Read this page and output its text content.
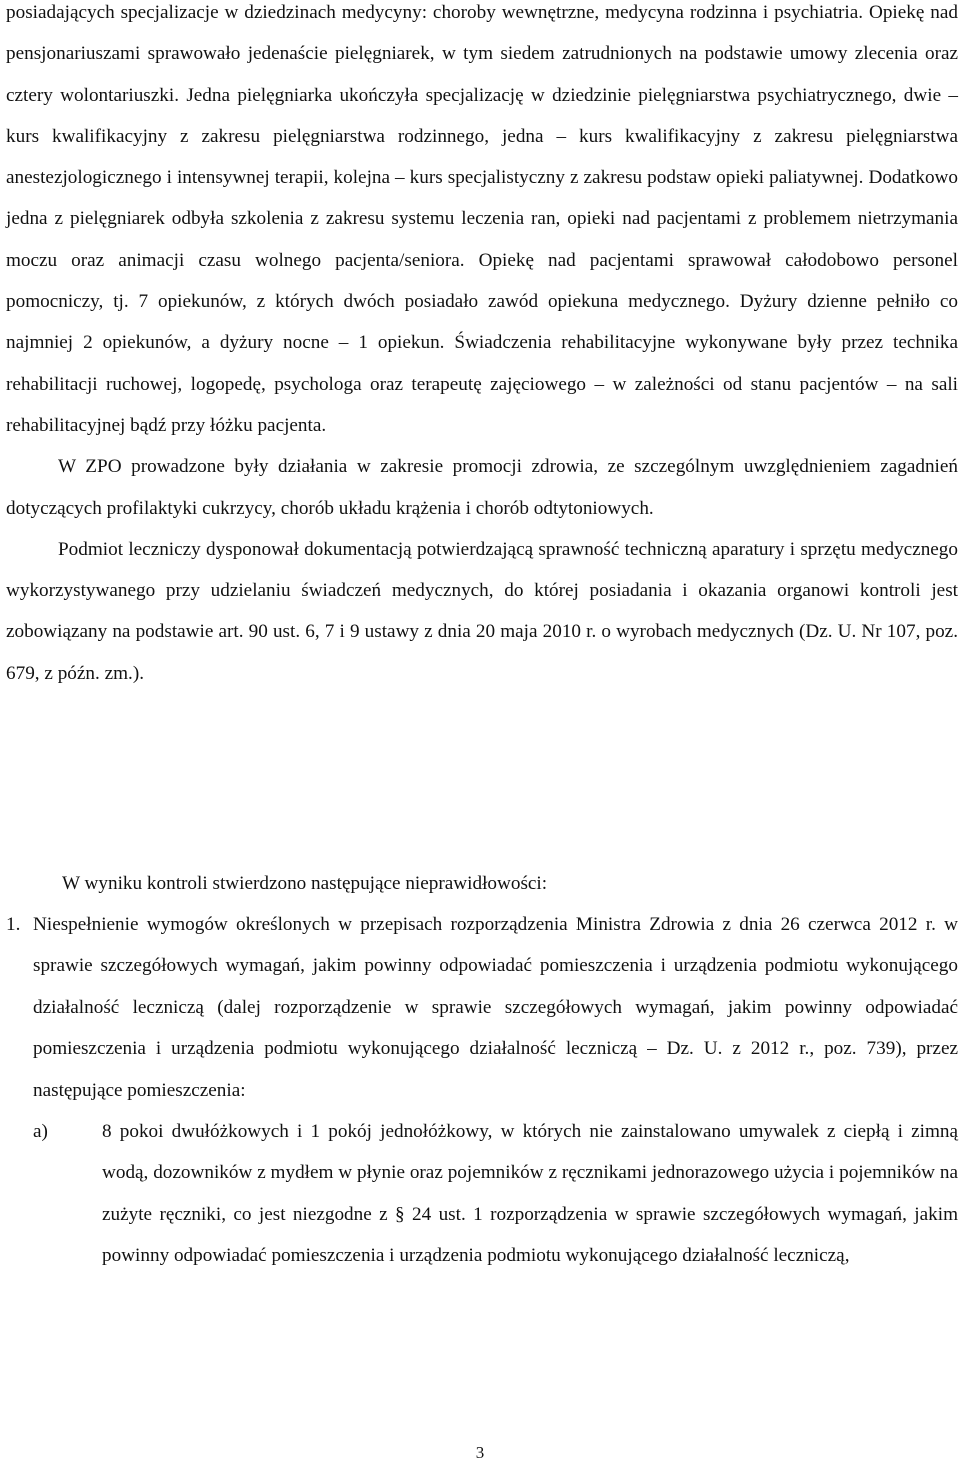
posiadających specjalizacje w dziedzinach medycyny: choroby wewnętrzne, medycyna rodzinna i psychiatria. Opiekę nad pensjonariuszami sprawowało jedenaście pielęgniarek, w tym siedem zatrudnionych na podstawie umowy zlecenia oraz cztery wolontariuszki. Jedna pielęgniarka ukończyła specjalizację w dziedzinie pielęgniarstwa psychiatrycznego, dwie – kurs kwalifikacyjny z zakresu pielęgniarstwa rodzinnego, jedna – kurs kwalifikacyjny z zakresu pielęgniarstwa anestezjologicznego i intensywnej terapii, kolejna – kurs specjalistyczny z zakresu podstaw opieki paliatywnej. Dodatkowo jedna z pielęgniarek odbyła szkolenia z zakresu systemu leczenia ran, opieki nad pacjentami z problemem nietrzymania moczu oraz animacji czasu wolnego pacjenta/seniora. Opiekę nad pacjentami sprawował całodobowo personel pomocniczy, tj. 7 opiekunów, z których dwóch posiadało zawód opiekuna medycznego. Dyżury dzienne pełniło co najmniej 2 opiekunów, a dyżury nocne – 1 opiekun. Świadczenia rehabilitacyjne wykonywane były przez technika rehabilitacji ruchowej, logopedę, psychologa oraz terapeutę zajęciowego – w zależności od stanu pacjentów – na sali rehabilitacyjnej bądź przy łóżku pacjenta.

W ZPO prowadzone były działania w zakresie promocji zdrowia, ze szczególnym uwzględnieniem zagadnień dotyczących profilaktyki cukrzycy, chorób układu krążenia i chorób odtytoniowych.

Podmiot leczniczy dysponował dokumentacją potwierdzającą sprawność techniczną aparatury i sprzętu medycznego wykorzystywanego przy udzielaniu świadczeń medycznych, do której posiadania i okazania organowi kontroli jest zobowiązany na podstawie art. 90 ust. 6, 7 i 9 ustawy z dnia 20 maja 2010 r. o wyrobach medycznych (Dz. U. Nr 107, poz. 679, z późn. zm.).

W wyniku kontroli stwierdzono następujące nieprawidłowości:
1. Niespełnienie wymogów określonych w przepisach rozporządzenia Ministra Zdrowia z dnia 26 czerwca 2012 r. w sprawie szczegółowych wymagań, jakim powinny odpowiadać pomieszczenia i urządzenia podmiotu wykonującego działalność leczniczą (dalej rozporządzenie w sprawie szczegółowych wymagań, jakim powinny odpowiadać pomieszczenia i urządzenia podmiotu wykonującego działalność leczniczą – Dz. U. z 2012 r., poz. 739), przez następujące pomieszczenia:
a)	8 pokoi dwułóżkowych i 1 pokój jednołóżkowy, w których nie zainstalowano umywalek z ciepłą i zimną wodą, dozowników z mydłem w płynie oraz pojemników z ręcznikami jednorazowego użycia i pojemników na zużyte ręczniki, co jest niezgodne z § 24 ust. 1 rozporządzenia w sprawie szczegółowych wymagań, jakim powinny odpowiadać pomieszczenia i urządzenia podmiotu wykonującego działalność leczniczą,
3
